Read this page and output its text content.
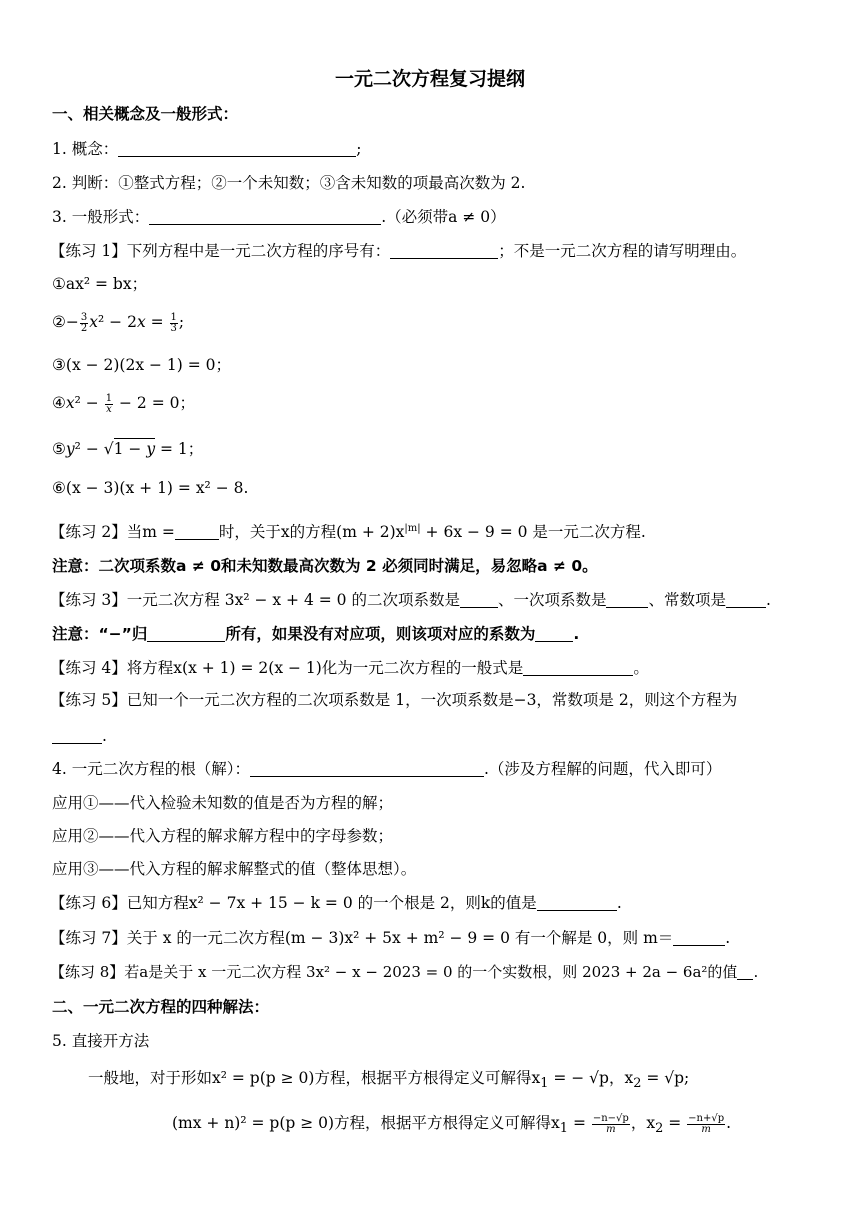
一元二次方程复习提纲
一、相关概念及一般形式：
1. 概念：	;
2. 判断：①整式方程；②一个未知数；③含未知数的项最高次数为 2.
3. 一般形式：	.（必须带a ≠ 0）
【练习 1】下列方程中是一元二次方程的序号有：	；不是一元二次方程的请写明理由。
①ax² = bx；
②− $\frac{3}{2} x^2 - 2x = \frac{1}{3}$ ;
③(x − 2)(2x − 1) = 0；
④x² − $\frac{1}{x} - 2 = 0$；
⑤y² − √1 − y = 1；
⑥(x − 3)(x + 1) = x² − 8.
【练习 2】当m =	时，关于x的方程$(m + 2)x^{|m|} + 6x - 9 = 0$ 是一元二次方程.
注意：二次项系数a ≠ 0和未知数最高次数为 2 必须同时满足，易忽略a ≠ 0。
【练习 3】一元二次方程 3x² − x + 4 = 0 的二次项系数是 、一次项系数是	、常数项是	.
注意：“−”归	所有，如果没有对应项，则该项对应的系数为 .
【练习 4】将方程x(x + 1) = 2(x − 1)化为一元二次方程的一般式是	。
【练习 5】已知一个一元二次方程的二次项系数是 1，一次项系数是−3，常数项是 2，则这个方程为
.
4. 一元二次方程的根（解）：	.（涉及方程解的问题，代入即可）
应用①——代入检验未知数的值是否为方程的解；
应用②——代入方程的解求解方程中的字母参数；
应用③——代入方程的解求解整式的值（整体思想）。
【练习 6】已知方程x² − 7x + 15 − k = 0 的一个根是 2，则k的值是	.
【练习 7】关于 x 的一元二次方程(m − 3)x² + 5x + m² − 9 = 0 有一个解是 0，则 m＝	.
【练习 8】若a是关于 x 一元二次方程 3x² − x − 2023 = 0 的一个实数根，则 2023 + 2a − 6a²的值 .
二、一元二次方程的四种解法：
5. 直接开方法
一般地，对于形如x² = p(p ≥ 0)方程，根据平方根得定义可解得$x_1$ = − √p，$x_2 = √p$;
(mx + n)² = p(p ≥ 0)方程，根据平方根得定义可解得$x_1 = \frac{-n-√p}{m}$ ，$x_2 = \frac{-n+√p}{m}$ .
